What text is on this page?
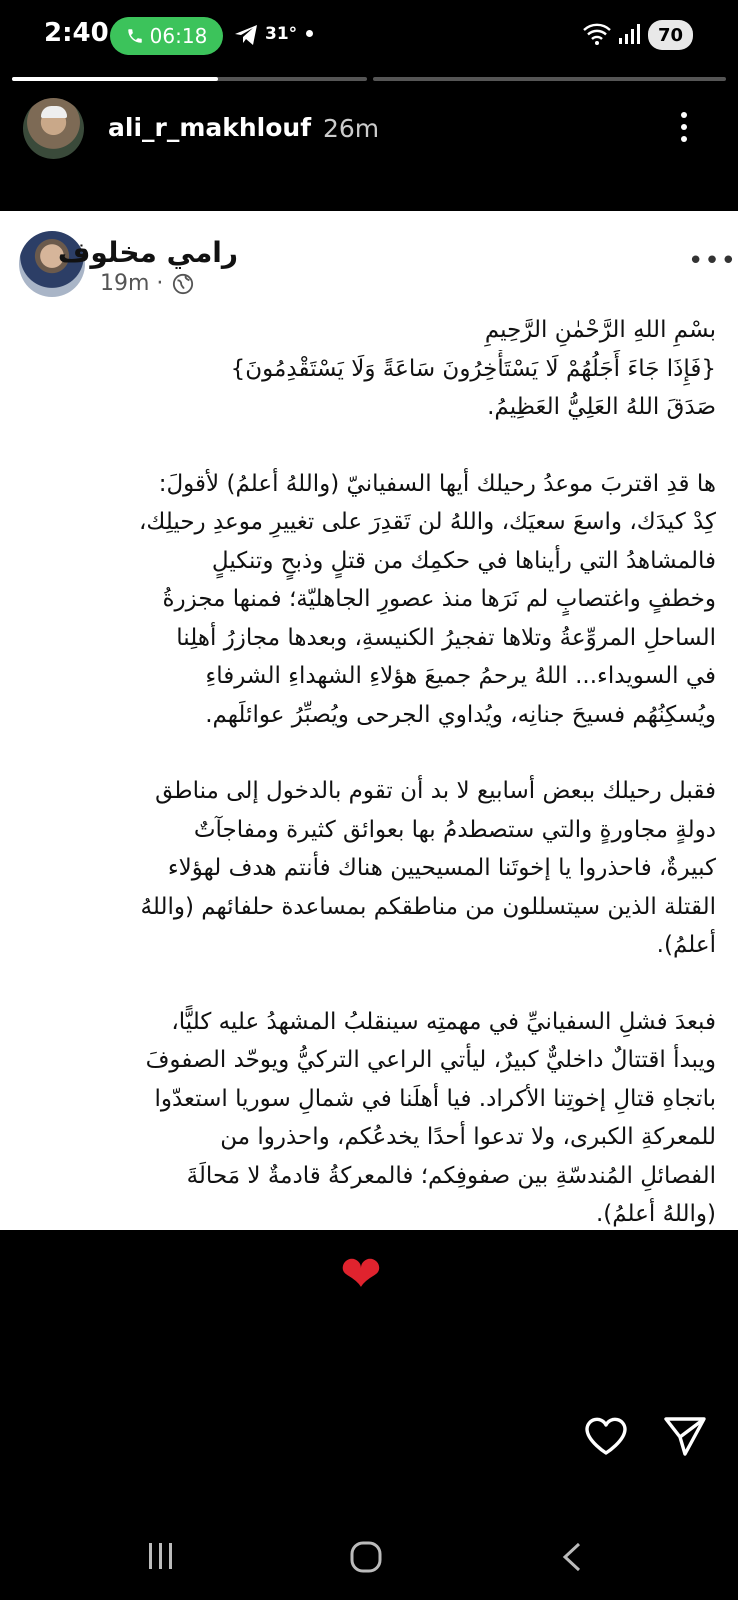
2:40 06:18	31°	70
ali_r_makhlouf 26m
رامي مخلوف
19m ·
•••

بسْمِ اللهِ الرَّحْمٰنِ الرَّحِيمِ
{فَإِذَا جَاءَ أَجَلُهُمْ لَا يَسْتَأْخِرُونَ سَاعَةً وَلَا يَسْتَقْدِمُونَ}
صَدَقَ اللهُ العَلِيُّ العَظِيمُ.

ها قدِ اقتربَ موعدُ رحيلك أيها السفيانيّ (واللهُ أعلمُ) لأقولَ:
كِدْ كيدَك، واسعَ سعيَك، واللهُ لن تَقدِرَ على تغييرِ موعدِ رحيلِك،
فالمشاهدُ التي رأيناها في حكمِك من قتلٍ وذبحٍ وتنكيلٍ
وخطفٍ واغتصابٍ لم نَرَها منذ عصورِ الجاهليّة؛ فمنها مجزرةُ
الساحلِ المروِّعةُ وتلاها تفجيرُ الكنيسةِ، وبعدها مجازرُ أهلِنا
في السويداء... اللهُ يرحمُ جميعَ هؤلاءِ الشهداءِ الشرفاءِ
ويُسكِنُهُم فسيحَ جنانِه، ويُداوي الجرحى ويُصبِّرُ عوائلَهم.

فقبل رحيلك ببعض أسابيع لا بد أن تقوم بالدخول إلى مناطق
دولةٍ مجاورةٍ والتي ستصطدمُ بها بعوائق كثيرة ومفاجآتٌ
كبيرةٌ، فاحذروا يا إخوتَنا المسيحيين هناك فأنتم هدف لهؤلاء
القتلة الذين سيتسللون من مناطقكم بمساعدة حلفائهم (واللهُ
أعلمُ).

فبعدَ فشلِ السفيانيِّ في مهمتِه سينقلبُ المشهدُ عليه كليًّا،
ويبدأ اقتتالٌ داخليٌّ كبيرٌ، ليأتي الراعي التركيُّ ويوحّد الصفوفَ
باتجاهِ قتالِ إخوتِنا الأكراد. فيا أهلَنا في شمالِ سوريا استعدّوا
للمعركةِ الكبرى، ولا تدعوا أحدًا يخدعُكم، واحذروا من
الفصائلِ المُندسّةِ بين صفوفِكم؛ فالمعركةُ قادمةٌ لا مَحالَةَ
(واللهُ أعلمُ).

❤
